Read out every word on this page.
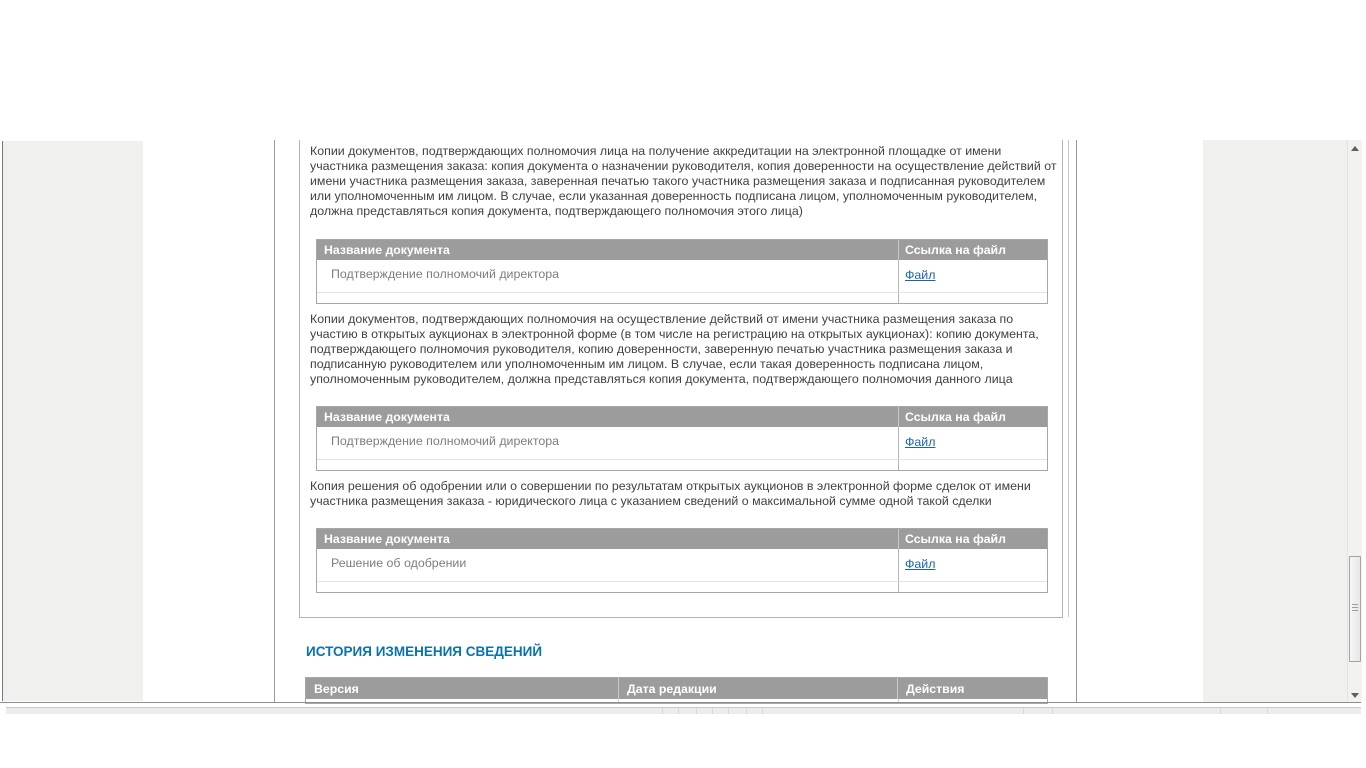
Копии документов, подтверждающих полномочия лица на получение аккредитации на электронной площадке от имени участника размещения заказа: копия документа о назначении руководителя, копия доверенности на осуществление действий от имени участника размещения заказа, заверенная печатью такого участника размещения заказа и подписанная руководителем или уполномоченным им лицом. В случае, если указанная доверенность подписана лицом, уполномоченным руководителем, должна представляться копия документа, подтверждающего полномочия этого лица)
Название документа	Ссылка на файл
Подтверждение полномочий директора	Файл
Копии документов, подтверждающих полномочия на осуществление действий от имени участника размещения заказа по участию в открытых аукционах в электронной форме (в том числе на регистрацию на открытых аукционах): копию документа, подтверждающего полномочия руководителя, копию доверенности, заверенную печатью участника размещения заказа и подписанную руководителем или уполномоченным им лицом. В случае, если такая доверенность подписана лицом, уполномоченным руководителем, должна представляться копия документа, подтверждающего полномочия данного лица
Название документа	Ссылка на файл
Подтверждение полномочий директора	Файл
Копия решения об одобрении или о совершении по результатам открытых аукционов в электронной форме сделок от имени участника размещения заказа - юридического лица с указанием сведений о максимальной сумме одной такой сделки
Название документа	Ссылка на файл
Решение об одобрении	Файл
ИСТОРИЯ ИЗМЕНЕНИЯ СВЕДЕНИЙ
Версия	Дата редакции	Действия
